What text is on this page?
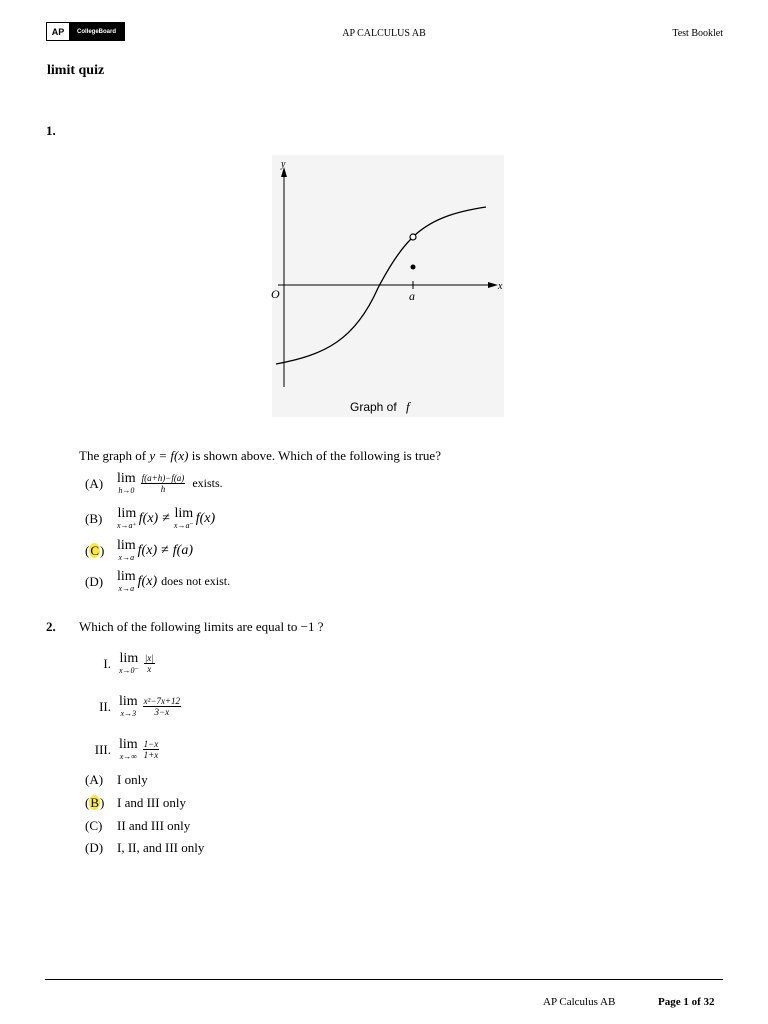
AP	CollegeBoard	AP CALCULUS AB	Test Booklet
limit quiz
1.
y
x
O	a
Graph of f
The graph of y = f(x) is shown above. Which of the following is true?
(A) lim
$h\to 0 \frac{f(a+h)-f(a)}{h}$ exists.
(B)	lim
x→a⁺ f(x) ≠ lim
x→a⁻ f(x)
(C) lim
x→a f(x) ≠ f(a)
(D) lim
x→a f(x) does not exist.
2. Which of the following limits are equal to −1 ?
I. lim
$x\to 0^- \frac{|x|}{x}$
II. lim
$x\to 3 \frac{\text{x²−7x+12}}{3-x}$
III. lim
$x\to\infty \frac{1-x}{1+x}$
(A)	I only
(B) I and III only
(C)	II and III only
(D)	I, II, and III only
AP Calculus AB	Page 1 of 32
